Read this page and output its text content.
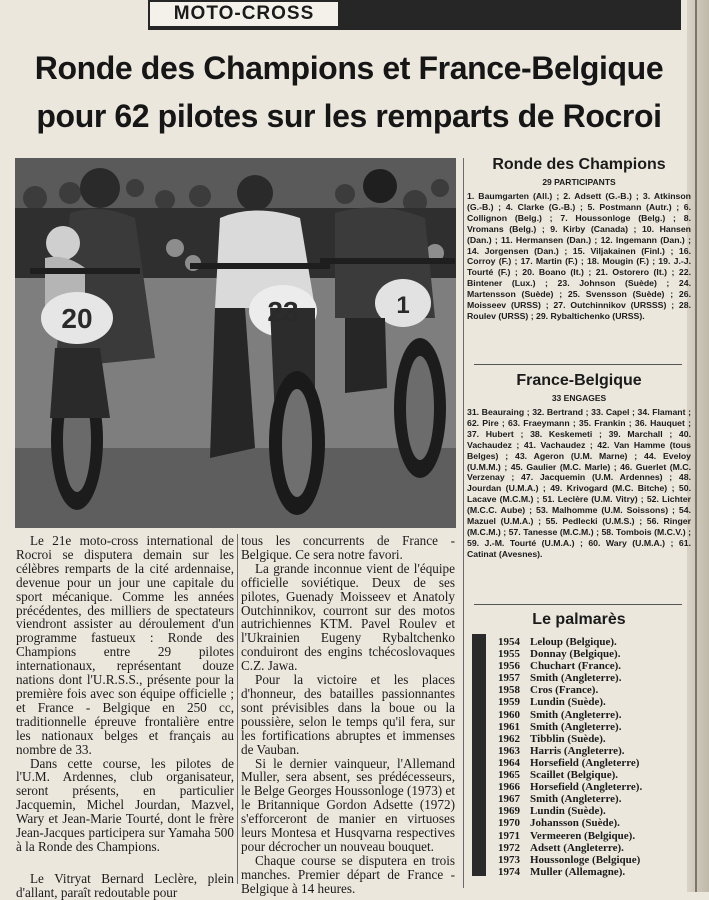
MOTO-CROSS
Ronde des Champions et France-Belgique
pour 62 pilotes sur les remparts de Rocroi
20	23	1

Le 21e moto-cross international de Rocroi se disputera demain sur les célèbres remparts de la cité ardennaise, devenue pour un jour une capitale du sport mécanique. Comme les années précédentes, des milliers de spectateurs viendront assister au déroulement d'un programme fastueux : Ronde des Champions entre 29 pilotes internationaux, représentant douze nations dont l'U.R.S.S., présente pour la première fois avec son équipe officielle ; et France - Belgique en 250 cc, traditionnelle épreuve frontalière entre les nationaux belges et français au nombre de 33.

Dans cette course, les pilotes de l'U.M. Ardennes, club organisateur, seront présents, en particulier Jacquemin, Michel Jourdan, Mazvel, Wary et Jean-Marie Tourté, dont le frère Jean-Jacques participera sur Yamaha 500 à la Ronde des Champions.

Le Vitryat Bernard Leclère, plein d'allant, paraît redoutable pour

tous les concurrents de France - Belgique. Ce sera notre favori.

La grande inconnue vient de l'équipe officielle soviétique. Deux de ses pilotes, Guenady Moisseev et Anatoly Outchinnikov, courront sur des motos autrichiennes KTM. Pavel Roulev et l'Ukrainien Eugeny Rybaltchenko conduiront des engins tchécoslovaques C.Z. Jawa.

Pour la victoire et les places d'honneur, des batailles passionnantes sont prévisibles dans la boue ou la poussière, selon le temps qu'il fera, sur les fortifications abruptes et immenses de Vauban.

Si le dernier vainqueur, l'Allemand Muller, sera absent, ses prédécesseurs, le Belge Georges Houssonloge (1973) et le Britannique Gordon Adsette (1972) s'efforceront de manier en virtuoses leurs Montesa et Husqvarna respectives pour décrocher un nouveau bouquet.

Chaque course se disputera en trois manches. Premier départ de France - Belgique à 14 heures.

Ronde des Champions
29 PARTICIPANTS
1. Baumgarten (All.) ; 2. Adsett (G.-B.) ; 3. Atkinson (G.-B.) ; 4. Clarke (G.-B.) ; 5. Postmann (Autr.) ; 6. Collignon (Belg.) ; 7. Houssonloge (Belg.) ; 8. Vromans (Belg.) ; 9. Kirby (Canada) ; 10. Hansen (Dan.) ; 11. Hermansen (Dan.) ; 12. Ingemann (Dan.) ; 14. Jorgensen (Dan.) ; 15. Viljakainen (Finl.) ; 16. Corroy (F.) ; 17. Martin (F.) ; 18. Mougin (F.) ; 19. J.-J. Tourté (F.) ; 20. Boano (It.) ; 21. Ostorero (It.) ; 22. Bintener (Lux.) ; 23. Johnson (Suède) ; 24. Martensson (Suède) ; 25. Svensson (Suède) ; 26. Moisseev (URSS) ; 27. Outchinnikov (URSSS) ; 28. Roulev (URSS) ; 29. Rybaltichenko (URSS).
France-Belgique
33 ENGAGES
31. Beauraing ; 32. Bertrand ; 33. Capel ; 34. Flamant ; 62. Pire ; 63. Fraeymann ; 35. Frankin ; 36. Hauquet ; 37. Hubert ; 38. Keskemeti ; 39. Marchall ; 40. Vachaudez ; 41. Vachaudez ; 42. Van Hamme (tous Belges) ; 43. Ageron (U.M. Marne) ; 44. Eveloy (U.M.M.) ; 45. Gaulier (M.C. Marle) ; 46. Guerlet (M.C. Verzenay ; 47. Jacquemin (U.M. Ardennes) ; 48. Jourdan (U.M.A.) ; 49. Krivogard (M.C. Bitche) ; 50. Lacave (M.C.M.) ; 51. Leclère (U.M. Vitry) ; 52. Lichter (M.C.C. Aube) ; 53. Malhomme (U.M. Soissons) ; 54. Mazuel (U.M.A.) ; 55. Pedlecki (U.M.S.) ; 56. Ringer (M.C.M.) ; 57. Tanesse (M.C.M.) ; 58. Tombois (M.C.V.) ; 59. J.-M. Tourté (U.M.A.) ; 60. Wary (U.M.A.) ; 61. Catinat (Avesnes).
Le palmarès
1954 Leloup (Belgique).
1955 Donnay (Belgique).
1956 Chuchart (France).
1957 Smith (Angleterre).
1958 Cros (France).
1959 Lundin (Suède).
1960 Smith (Angleterre).
1961 Smith (Angleterre).
1962 Tibblin (Suède).
1963 Harris (Angleterre).
1964 Horsefield (Angleterre)
1965 Scaillet (Belgique).
1966 Horsefield (Angleterre).
1967 Smith (Angleterre).
1969 Lundin (Suède).
1970 Johansson (Suède).
1971 Vermeeren (Belgique).
1972 Adsett (Angleterre).
1973 Houssonloge (Belgique)
1974 Muller (Allemagne).
